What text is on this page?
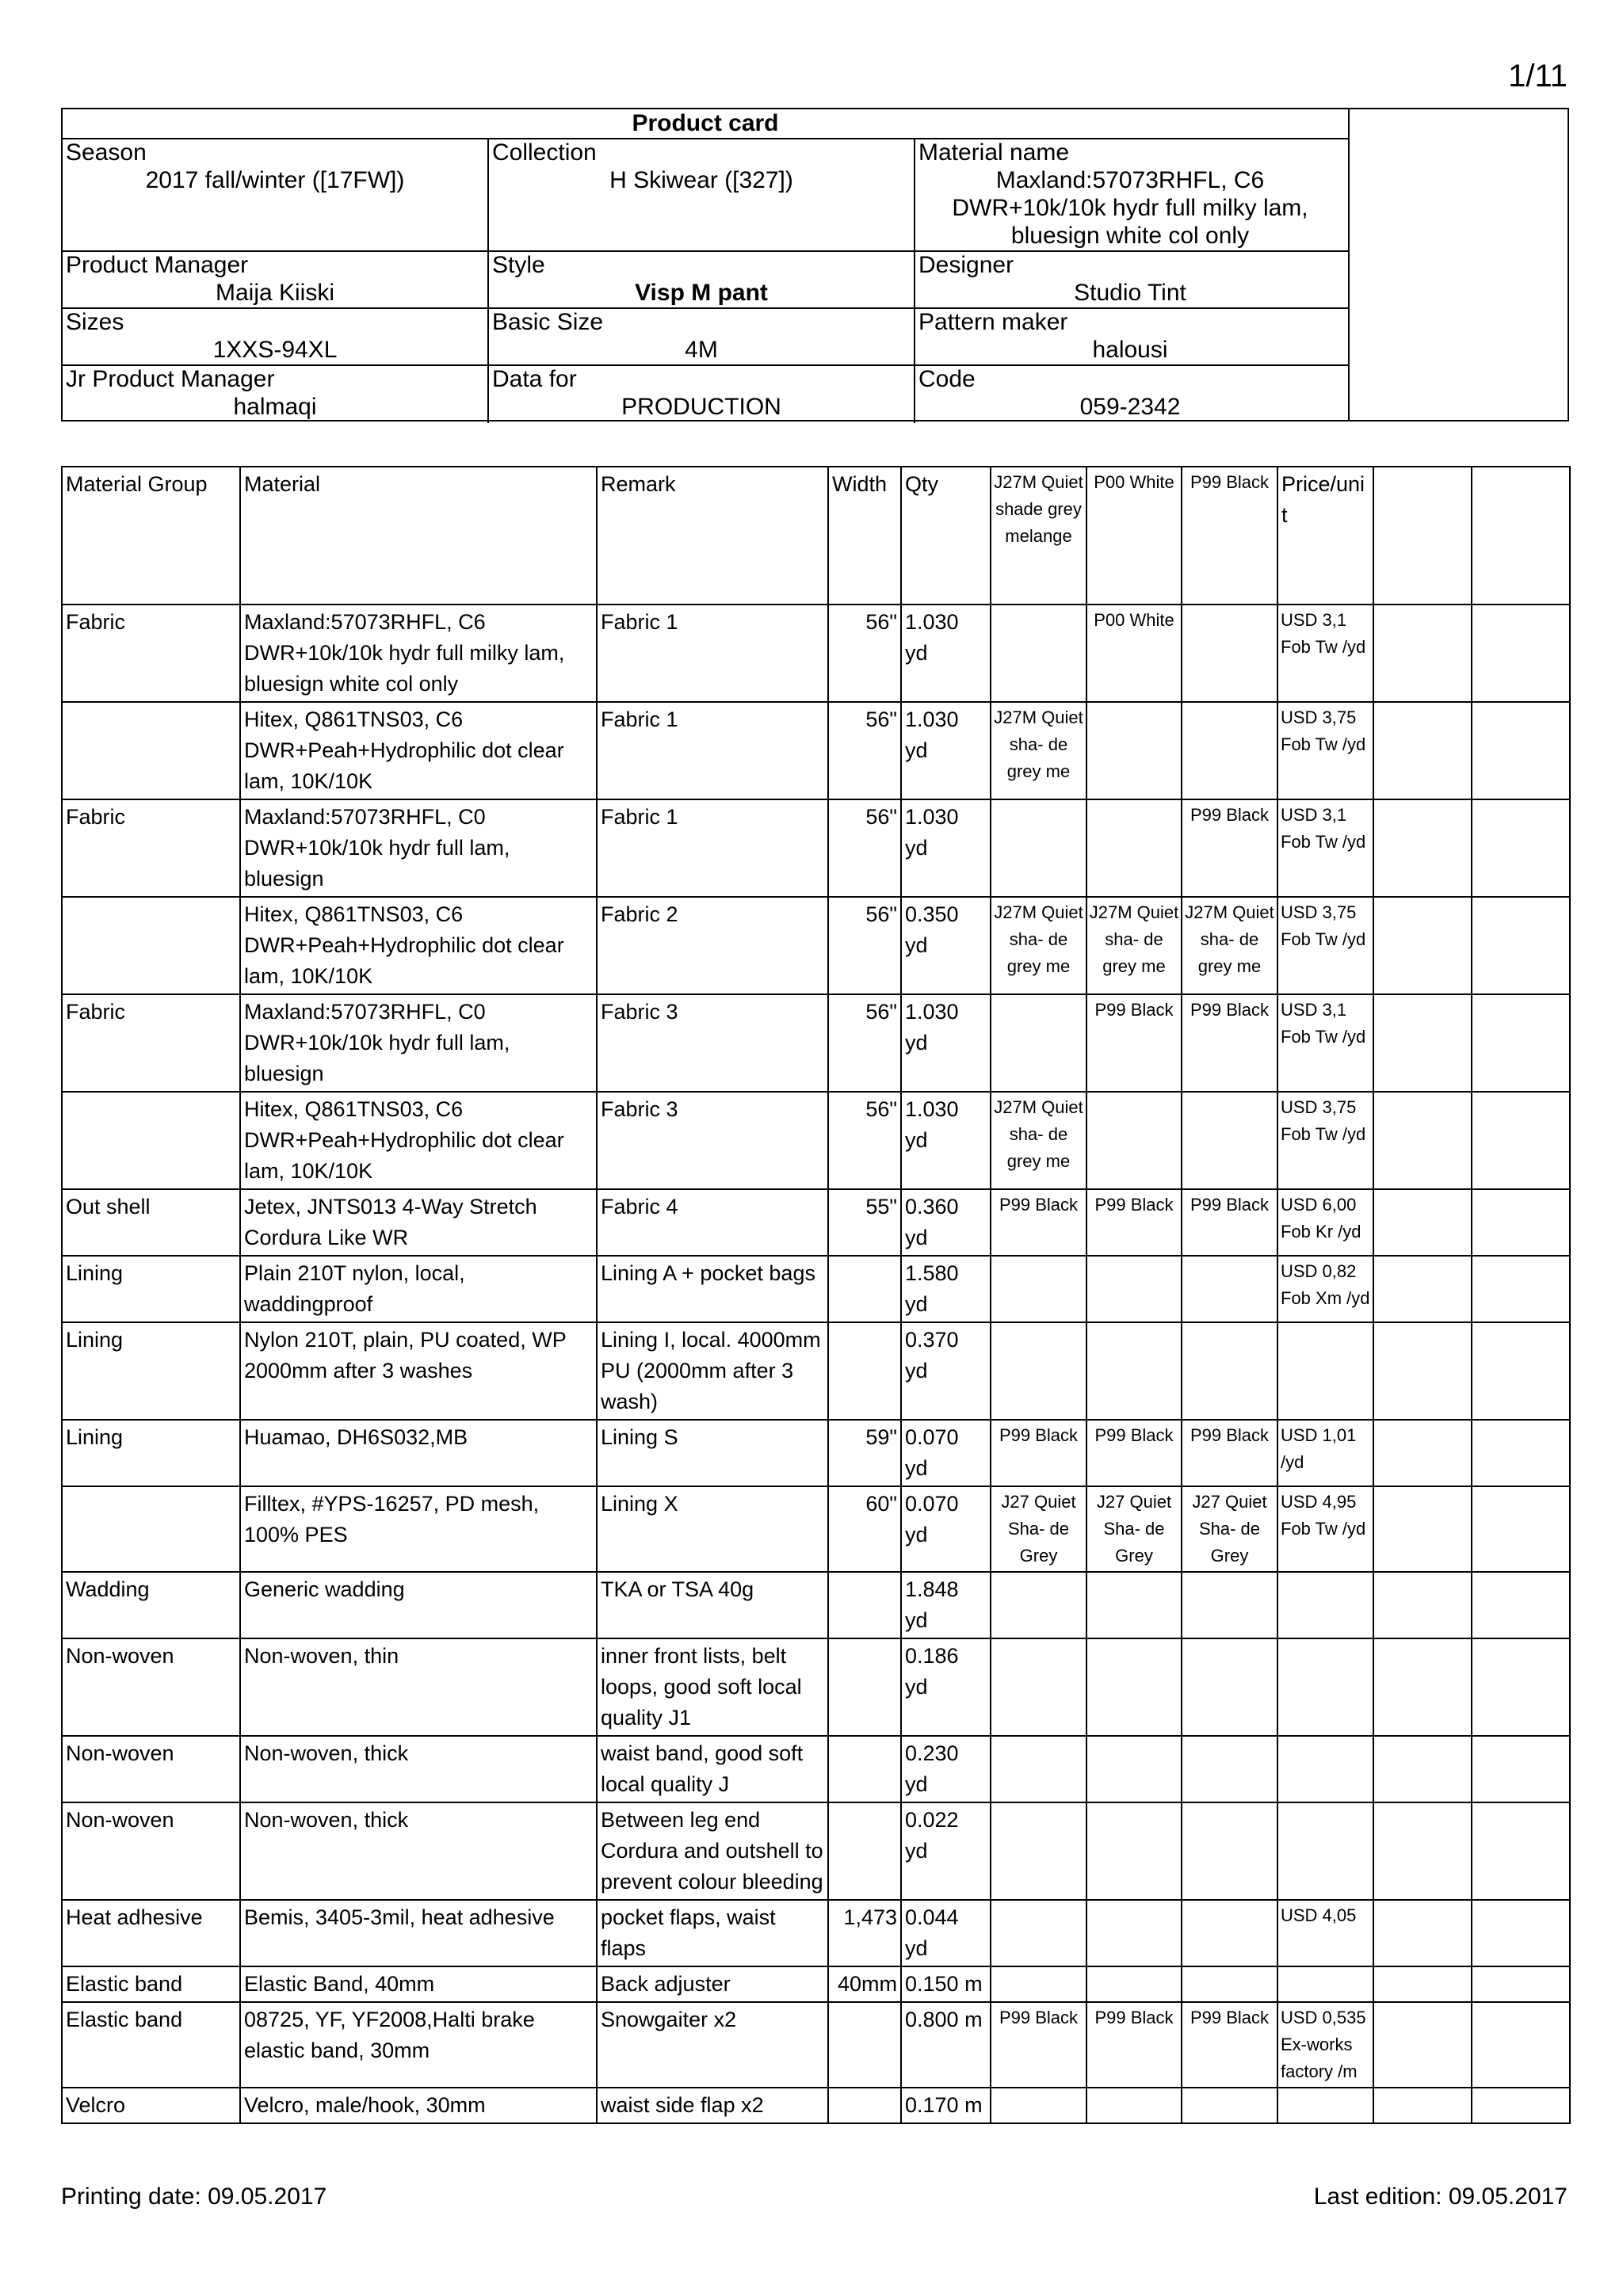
1/11
Product card
Season
2017 fall/winter ([17FW])
Collection
H Skiwear ([327])
Material name
Maxland:57073RHFL, C6 DWR+10k/10k hydr full milky lam, bluesign white col only
Product Manager
Maija Kiiski
Style
Visp M pant
Designer
Studio Tint
Sizes
1XXS-94XL
Basic Size
4M
Pattern maker
halousi
Jr Product Manager
halmaqi
Data for
PRODUCTION
Code
059-2342
Material Group	Material	Remark	Width	Qty	J27M Quiet shade grey melange	P00 White	P99 Black	Price/unit		
Fabric	Maxland:57073RHFL, C6 DWR+10k/10k hydr full milky lam, bluesign white col only	Fabric 1	56"	1.030 yd		P00 White		USD 3,1 Fob Tw /yd		
	Hitex, Q861TNS03, C6 DWR+Peah+Hydrophilic dot clear lam, 10K/10K	Fabric 1	56"	1.030 yd	J27M Quiet sha- de grey me			USD 3,75 Fob Tw /yd		
Fabric	Maxland:57073RHFL, C0 DWR+10k/10k hydr full lam, bluesign	Fabric 1	56"	1.030 yd			P99 Black	USD 3,1 Fob Tw /yd		
	Hitex, Q861TNS03, C6 DWR+Peah+Hydrophilic dot clear lam, 10K/10K	Fabric 2	56"	0.350 yd	J27M Quiet sha- de grey me	J27M Quiet sha- de grey me	J27M Quiet sha- de grey me	USD 3,75 Fob Tw /yd		
Fabric	Maxland:57073RHFL, C0 DWR+10k/10k hydr full lam, bluesign	Fabric 3	56"	1.030 yd		P99 Black	P99 Black	USD 3,1 Fob Tw /yd		
	Hitex, Q861TNS03, C6 DWR+Peah+Hydrophilic dot clear lam, 10K/10K	Fabric 3	56"	1.030 yd	J27M Quiet sha- de grey me			USD 3,75 Fob Tw /yd		
Out shell	Jetex, JNTS013 4-Way Stretch Cordura Like WR	Fabric 4	55"	0.360 yd	P99 Black	P99 Black	P99 Black	USD 6,00 Fob Kr /yd		
Lining	Plain 210T nylon, local, waddingproof	Lining A + pocket bags		1.580 yd				USD 0,82 Fob Xm /yd		
Lining	Nylon 210T, plain, PU coated, WP 2000mm after 3 washes	Lining I, local. 4000mm PU (2000mm after 3 wash)		0.370 yd						
Lining	Huamao, DH6S032,MB	Lining S	59"	0.070 yd	P99 Black	P99 Black	P99 Black	USD 1,01 /yd		
	Filltex, #YPS-16257, PD mesh, 100% PES	Lining X	60"	0.070 yd	J27 Quiet Sha- de Grey	J27 Quiet Sha- de Grey	J27 Quiet Sha- de Grey	USD 4,95 Fob Tw /yd		
Wadding	Generic wadding	TKA or TSA 40g		1.848 yd						
Non-woven	Non-woven, thin	inner front lists, belt loops, good soft local quality J1		0.186 yd						
Non-woven	Non-woven, thick	waist band, good soft local quality J		0.230 yd						
Non-woven	Non-woven, thick	Between leg end Cordura and outshell to prevent colour bleeding		0.022 yd						
Heat adhesive	Bemis, 3405-3mil, heat adhesive	pocket flaps, waist flaps	1,473	0.044 yd				USD 4,05		
Elastic band	Elastic Band, 40mm	Back adjuster	40mm	0.150 m						
Elastic band	08725, YF, YF2008,Halti brake elastic band, 30mm	Snowgaiter x2		0.800 m	P99 Black	P99 Black	P99 Black	USD 0,535 Ex-works factory /m		
Velcro	Velcro, male/hook, 30mm	waist side flap x2		0.170 m						
Printing date: 09.05.2017	Last edition: 09.05.2017
